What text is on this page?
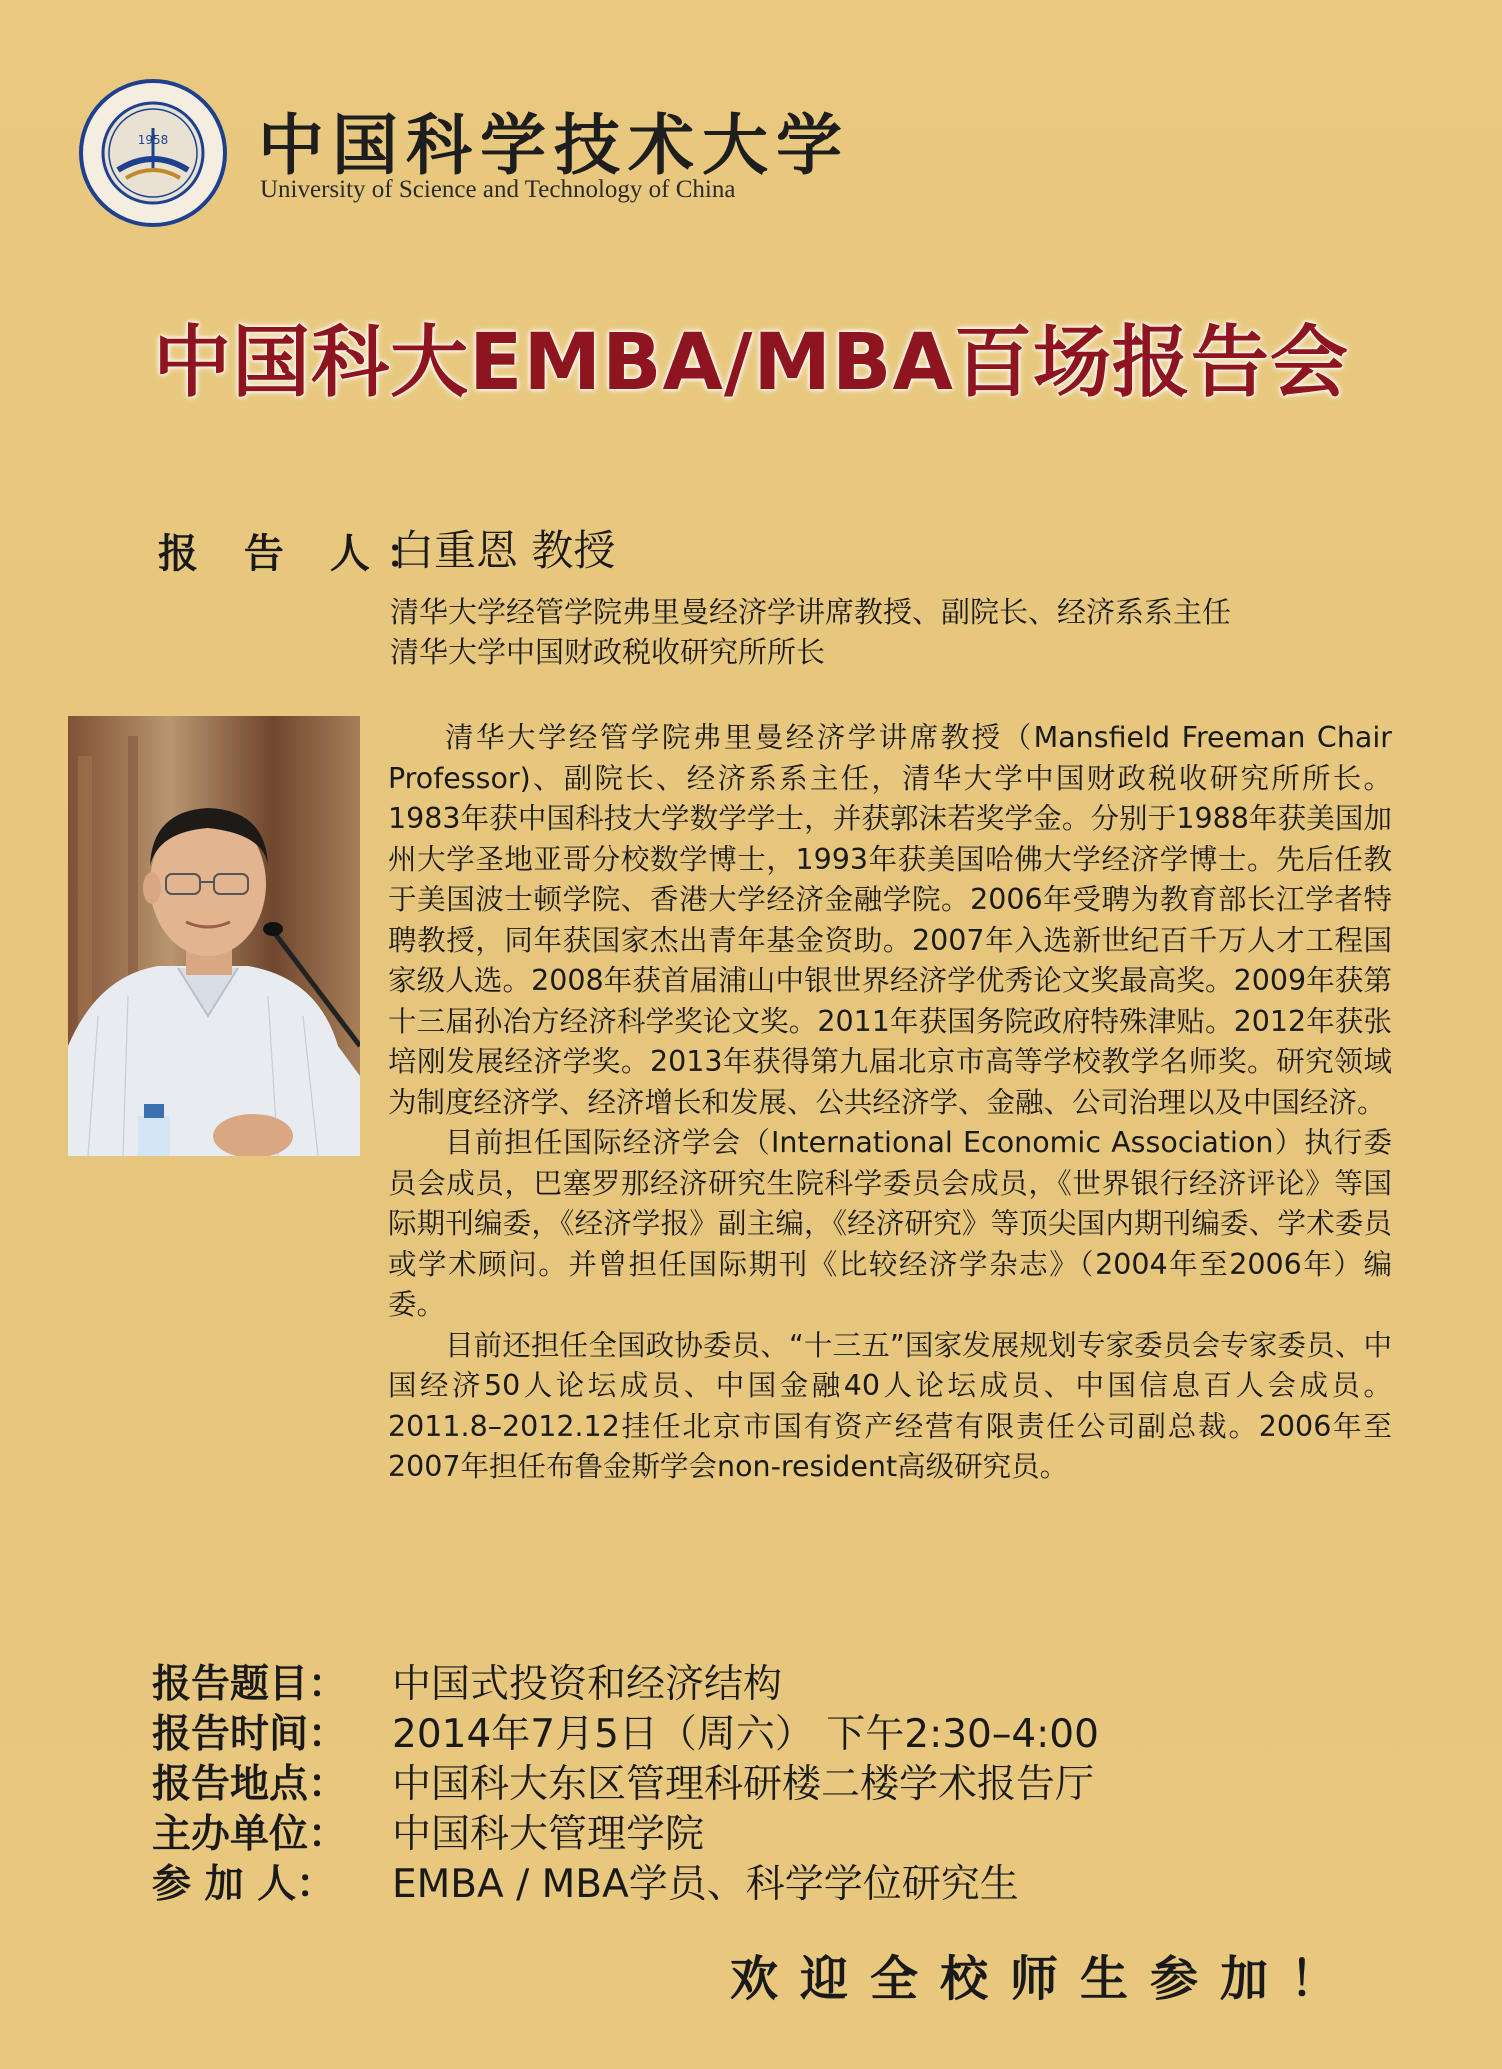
1958 中国科学技术大学
University of Science and Technology of China
中国科大EMBA/MBA百场报告会
报 告 人：
白重恩 教授
清华大学经管学院弗里曼经济学讲席教授、副院长、经济系系主任
清华大学中国财政税收研究所所长

清华大学经管学院弗里曼经济学讲席教授（Mansfield Freeman Chair Professor)、副院长、经济系系主任，清华大学中国财政税收研究所所长。1983年获中国科技大学数学学士，并获郭沫若奖学金。分别于1988年获美国加州大学圣地亚哥分校数学博士，1993年获美国哈佛大学经济学博士。先后任教于美国波士顿学院、香港大学经济金融学院。2006年受聘为教育部长江学者特聘教授，同年获国家杰出青年基金资助。2007年入选新世纪百千万人才工程国家级人选。2008年获首届浦山中银世界经济学优秀论文奖最高奖。2009年获第十三届孙冶方经济科学奖论文奖。2011年获国务院政府特殊津贴。2012年获张培刚发展经济学奖。2013年获得第九届北京市高等学校教学名师奖。研究领域为制度经济学、经济增长和发展、公共经济学、金融、公司治理以及中国经济。

目前担任国际经济学会（International Economic Association）执行委员会成员，巴塞罗那经济研究生院科学委员会成员，《世界银行经济评论》等国际期刊编委，《经济学报》副主编，《经济研究》等顶尖国内期刊编委、学术委员或学术顾问。并曾担任国际期刊《比较经济学杂志》（2004年至2006年）编委。

目前还担任全国政协委员、“十三五”国家发展规划专家委员会专家委员、中国经济50人论坛成员、中国金融40人论坛成员、中国信息百人会成员。2011.8–2012.12挂任北京市国有资产经营有限责任公司副总裁。2006年至2007年担任布鲁金斯学会non-resident高级研究员。

报告题目：	中国式投资和经济结构
报告时间：	2014年7月5日（周六） 下午2:30–4:00
报告地点：	中国科大东区管理科研楼二楼学术报告厅
主办单位：	中国科大管理学院
参 加 人：	EMBA / MBA学员、科学学位研究生
欢迎全校师生参加！
